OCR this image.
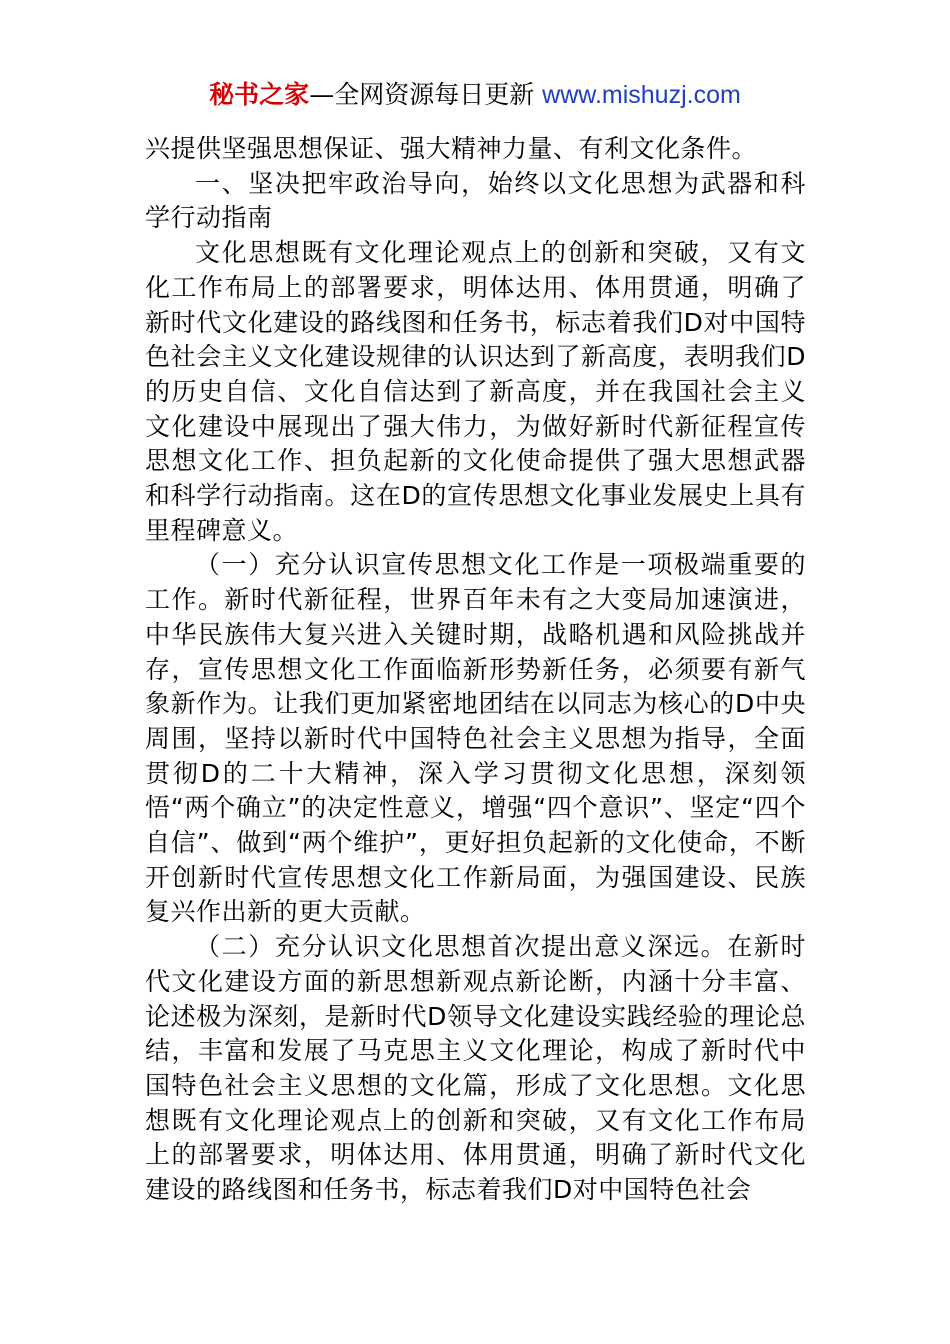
秘书之家—全网资源每日更新 www.mishuzj.com

兴提供坚强思想保证、强大精神力量、有利文化条件。

一、坚决把牢政治导向，始终以文化思想为武器和科学行动指南

文化思想既有文化理论观点上的创新和突破，又有文化工作布局上的部署要求，明体达用、体用贯通，明确了新时代文化建设的路线图和任务书，标志着我们D对中国特色社会主义文化建设规律的认识达到了新高度，表明我们D的历史自信、文化自信达到了新高度，并在我国社会主义文化建设中展现出了强大伟力，为做好新时代新征程宣传思想文化工作、担负起新的文化使命提供了强大思想武器和科学行动指南。这在D的宣传思想文化事业发展史上具有里程碑意义。

（一）充分认识宣传思想文化工作是一项极端重要的工作。新时代新征程，世界百年未有之大变局加速演进，中华民族伟大复兴进入关键时期，战略机遇和风险挑战并存，宣传思想文化工作面临新形势新任务，必须要有新气象新作为。让我们更加紧密地团结在以同志为核心的D中央周围，坚持以新时代中国特色社会主义思想为指导，全面贯彻D的二十大精神，深入学习贯彻文化思想，深刻领悟“两个确立”的决定性意义，增强“四个意识”、坚定“四个自信”、做到“两个维护”，更好担负起新的文化使命，不断开创新时代宣传思想文化工作新局面，为强国建设、民族复兴作出新的更大贡献。

（二）充分认识文化思想首次提出意义深远。在新时代文化建设方面的新思想新观点新论断，内涵十分丰富、论述极为深刻，是新时代D领导文化建设实践经验的理论总结，丰富和发展了马克思主义文化理论，构成了新时代中国特色社会主义思想的文化篇，形成了文化思想。文化思想既有文化理论观点上的创新和突破，又有文化工作布局上的部署要求，明体达用、体用贯通，明确了新时代文化建设的路线图和任务书，标志着我们D对中国特色社会
